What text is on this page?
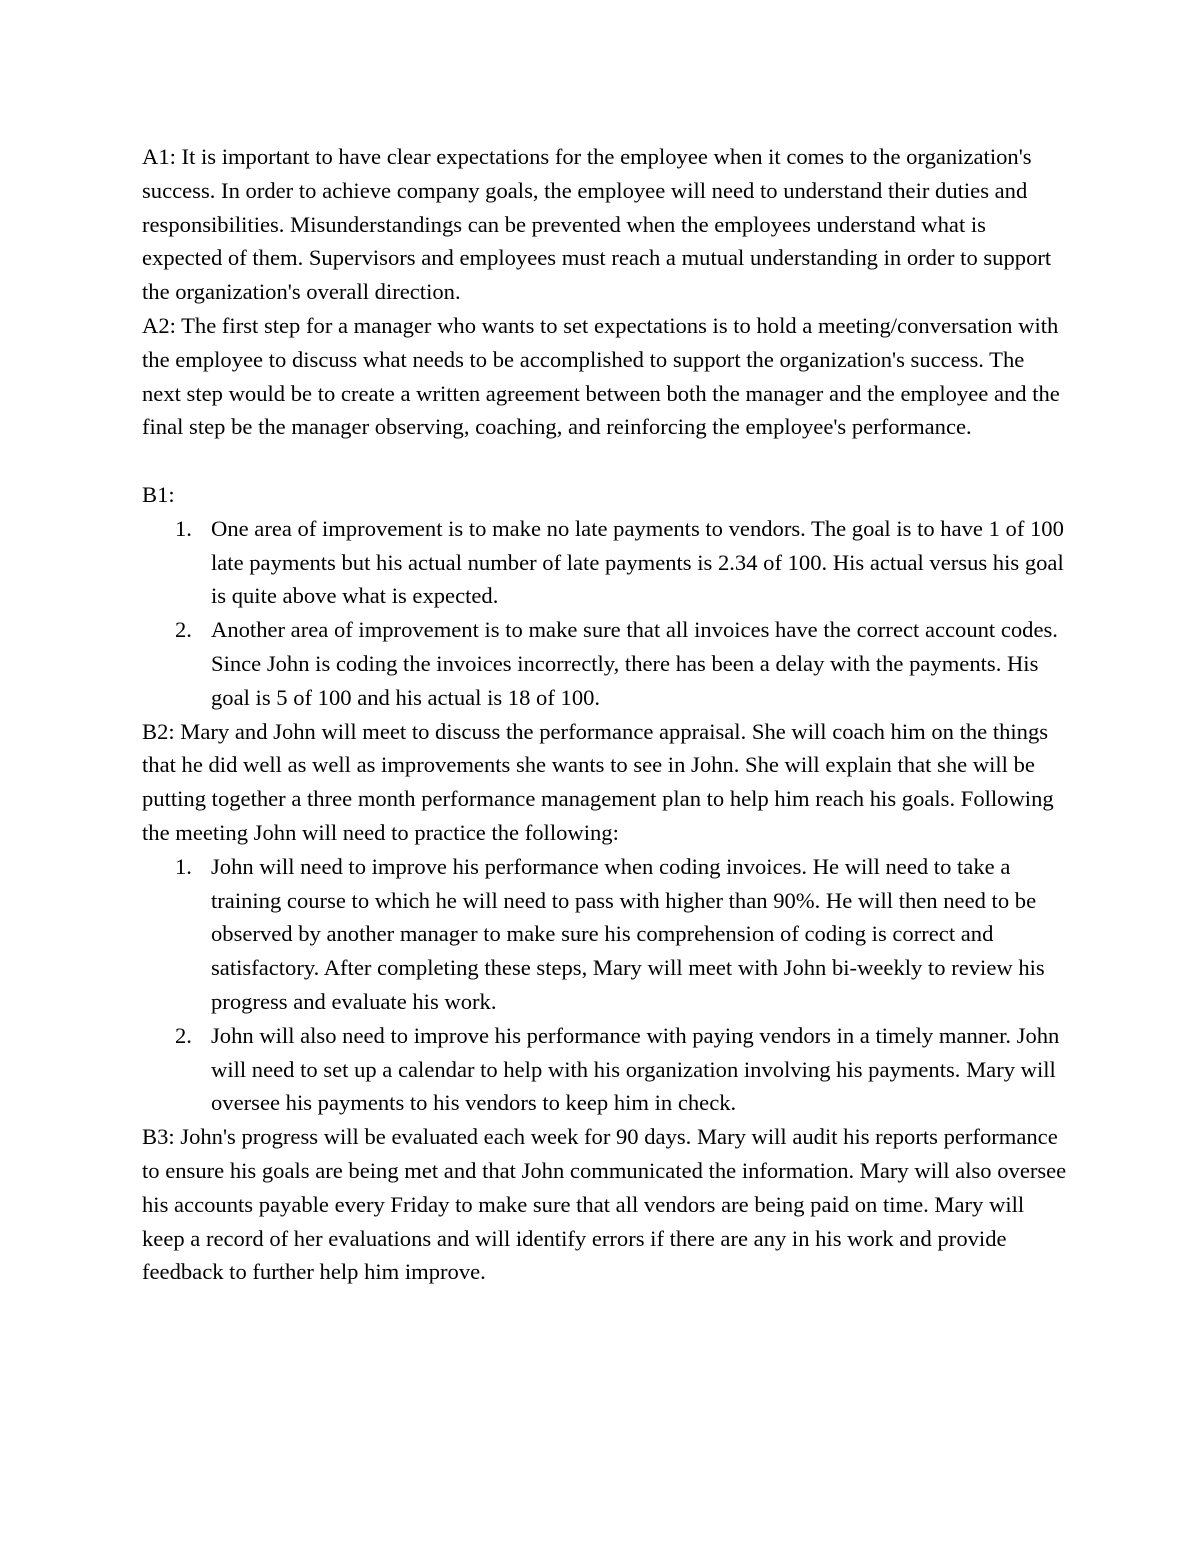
A1: It is important to have clear expectations for the employee when it comes to the organization's success. In order to achieve company goals, the employee will need to understand their duties and responsibilities. Misunderstandings can be prevented when the employees understand what is expected of them. Supervisors and employees must reach a mutual understanding in order to support the organization's overall direction.

A2: The first step for a manager who wants to set expectations is to hold a meeting/conversation with the employee to discuss what needs to be accomplished to support the organization's success. The next step would be to create a written agreement between both the manager and the employee and the final step be the manager observing, coaching, and reinforcing the employee's performance.

B1:

1. One area of improvement is to make no late payments to vendors. The goal is to have 1 of 100 late payments but his actual number of late payments is 2.34 of 100. His actual versus his goal is quite above what is expected.
2. Another area of improvement is to make sure that all invoices have the correct account codes. Since John is coding the invoices incorrectly, there has been a delay with the payments. His goal is 5 of 100 and his actual is 18 of 100.

B2: Mary and John will meet to discuss the performance appraisal. She will coach him on the things that he did well as well as improvements she wants to see in John. She will explain that she will be putting together a three month performance management plan to help him reach his goals. Following the meeting John will need to practice the following:

1. John will need to improve his performance when coding invoices. He will need to take a training course to which he will need to pass with higher than 90%. He will then need to be observed by another manager to make sure his comprehension of coding is correct and satisfactory. After completing these steps, Mary will meet with John bi-weekly to review his progress and evaluate his work.
2. John will also need to improve his performance with paying vendors in a timely manner. John will need to set up a calendar to help with his organization involving his payments. Mary will oversee his payments to his vendors to keep him in check.

B3: John's progress will be evaluated each week for 90 days. Mary will audit his reports performance to ensure his goals are being met and that John communicated the information. Mary will also oversee his accounts payable every Friday to make sure that all vendors are being paid on time. Mary will keep a record of her evaluations and will identify errors if there are any in his work and provide feedback to further help him improve.
